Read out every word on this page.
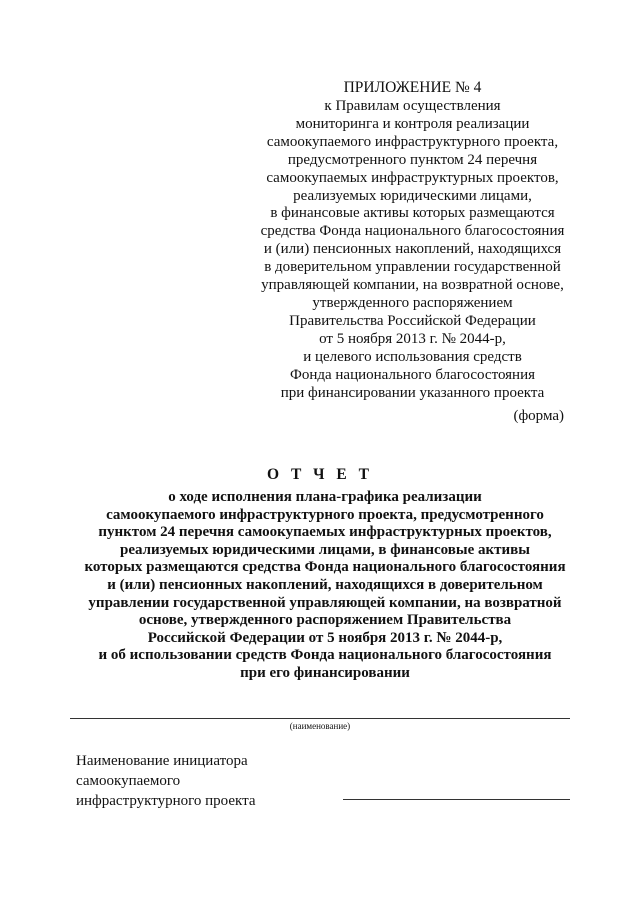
ПРИЛОЖЕНИЕ № 4
к Правилам осуществления
мониторинга и контроля реализации
самоокупаемого инфраструктурного проекта,
предусмотренного пунктом 24 перечня
самоокупаемых инфраструктурных проектов,
реализуемых юридическими лицами,
в финансовые активы которых размещаются
средства Фонда национального благосостояния
и (или) пенсионных накоплений, находящихся
в доверительном управлении государственной
управляющей компании, на возвратной основе,
утвержденного распоряжением
Правительства Российской Федерации
от 5 ноября 2013 г. № 2044-р,
и целевого использования средств
Фонда национального благосостояния
при финансировании указанного проекта
(форма)
О Т Ч Е Т
о ходе исполнения плана-графика реализации
самоокупаемого инфраструктурного проекта, предусмотренного
пунктом 24 перечня самоокупаемых инфраструктурных проектов,
реализуемых юридическими лицами, в финансовые активы
которых размещаются средства Фонда национального благосостояния
и (или) пенсионных накоплений, находящихся в доверительном
управлении государственной управляющей компании, на возвратной
основе, утвержденного распоряжением Правительства
Российской Федерации от 5 ноября 2013 г. № 2044-р,
и об использовании средств Фонда национального благосостояния
при его финансировании
(наименование)
Наименование инициатора
самоокупаемого
инфраструктурного проекта
